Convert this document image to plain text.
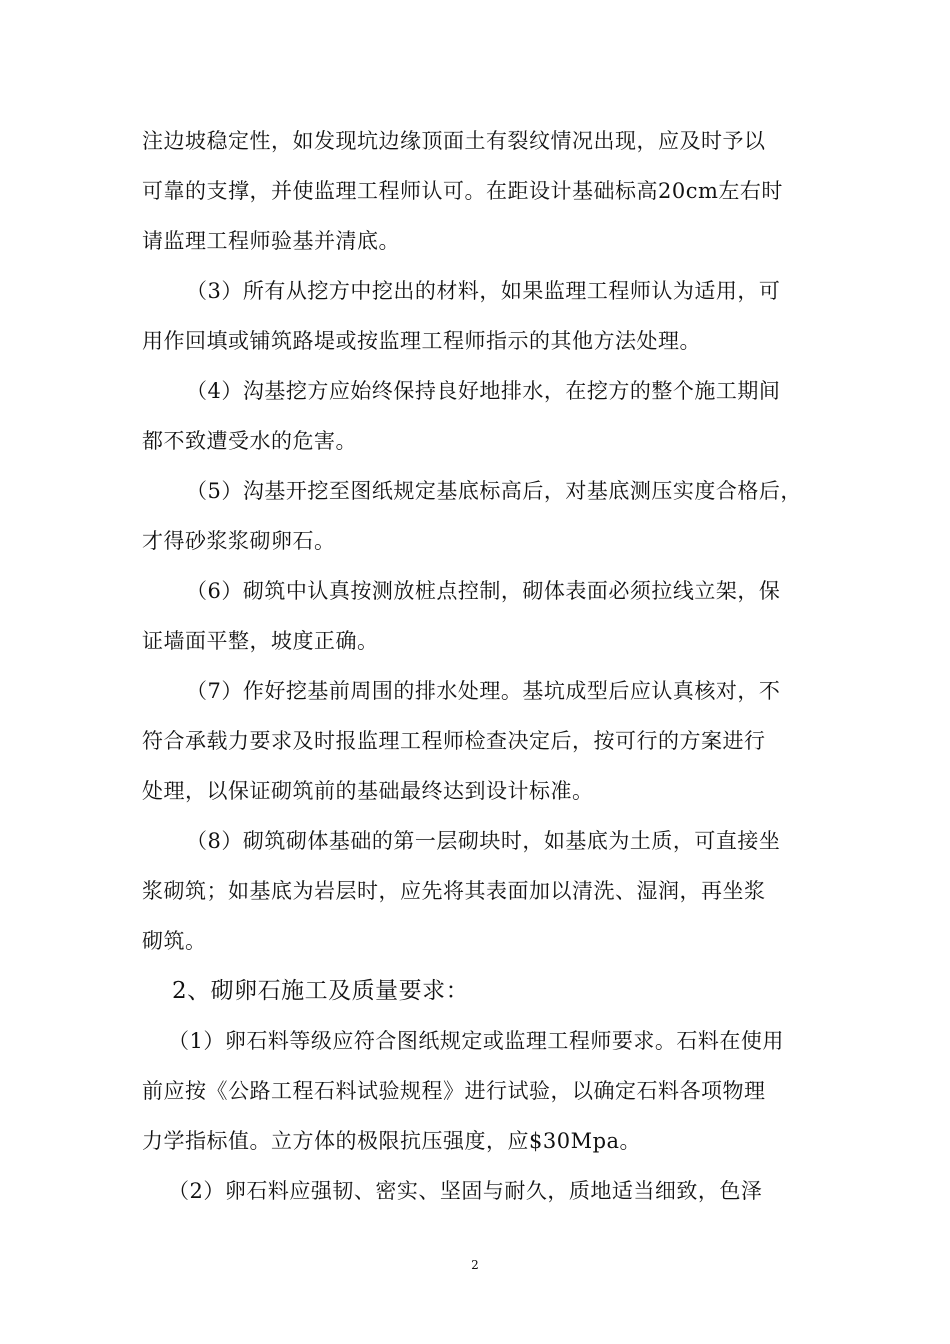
注边坡稳定性，如发现坑边缘顶面土有裂纹情况出现，应及时予以
可靠的支撑，并使监理工程师认可。在距设计基础标高20cm左右时
请监理工程师验基并清底。
（3）所有从挖方中挖出的材料，如果监理工程师认为适用，可
用作回填或铺筑路堤或按监理工程师指示的其他方法处理。
（4）沟基挖方应始终保持良好地排水，在挖方的整个施工期间
都不致遭受水的危害。
（5）沟基开挖至图纸规定基底标高后，对基底测压实度合格后，
才得砂浆浆砌卵石。
（6）砌筑中认真按测放桩点控制，砌体表面必须拉线立架，保
证墙面平整，坡度正确。
（7）作好挖基前周围的排水处理。基坑成型后应认真核对，不
符合承载力要求及时报监理工程师检查决定后，按可行的方案进行
处理，以保证砌筑前的基础最终达到设计标准。
（8）砌筑砌体基础的第一层砌块时，如基底为土质，可直接坐
浆砌筑；如基底为岩层时，应先将其表面加以清洗、湿润，再坐浆
砌筑。
2、砌卵石施工及质量要求：
（1）卵石料等级应符合图纸规定或监理工程师要求。石料在使用
前应按《公路工程石料试验规程》进行试验，以确定石料各项物理
力学指标值。立方体的极限抗压强度，应$30Mpa。
（2）卵石料应强韧、密实、坚固与耐久，质地适当细致，色泽
2
